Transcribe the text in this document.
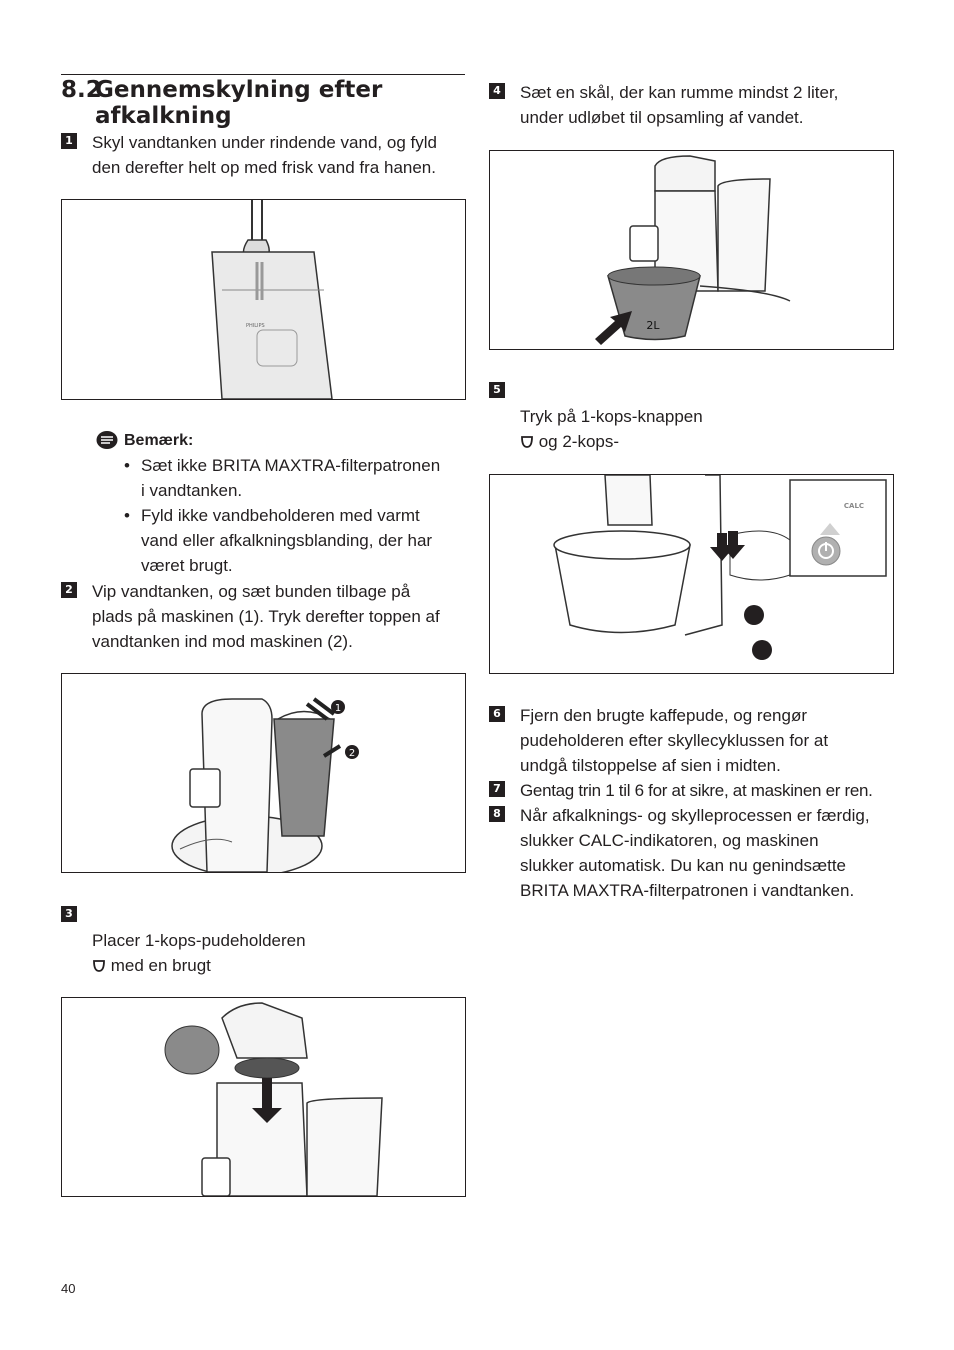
8.2Gennemskylning efter
afkalkning
1 Skyl vandtanken under rindende vand, og fyld
den derefter helt op med frisk vand fra hanen.
PHILIPS
Bemærk:
• Sæt ikke BRITA MAXTRA-filterpatronen
i vandtanken.
• Fyld ikke vandbeholderen med varmt
vand eller afkalkningsblanding, der har
været brugt.
2 Vip vandtanken, og sæt bunden tilbage på
plads på maskinen (1). Tryk derefter toppen af
vandtanken ind mod maskinen (2).
1
2
3

Placer 1-kops-pudeholderen
med en brugt

4 Sæt en skål, der kan rumme mindst 2 liter,
under udløbet til opsamling af vandet.
2L
5

Tryk på 1-kops-knappen
og 2-kops-

CALC
6 Fjern den brugte kaffepude, og rengør
pudeholderen efter skyllecyklussen for at
undgå tilstoppelse af sien i midten.
7 Gentag trin 1 til 6 for at sikre, at maskinen er ren.
8 Når afkalknings- og skylleprocessen er færdig,
slukker CALC-indikatoren, og maskinen
slukker automatisk. Du kan nu genindsætte
BRITA MAXTRA-filterpatronen i vandtanken.
40
